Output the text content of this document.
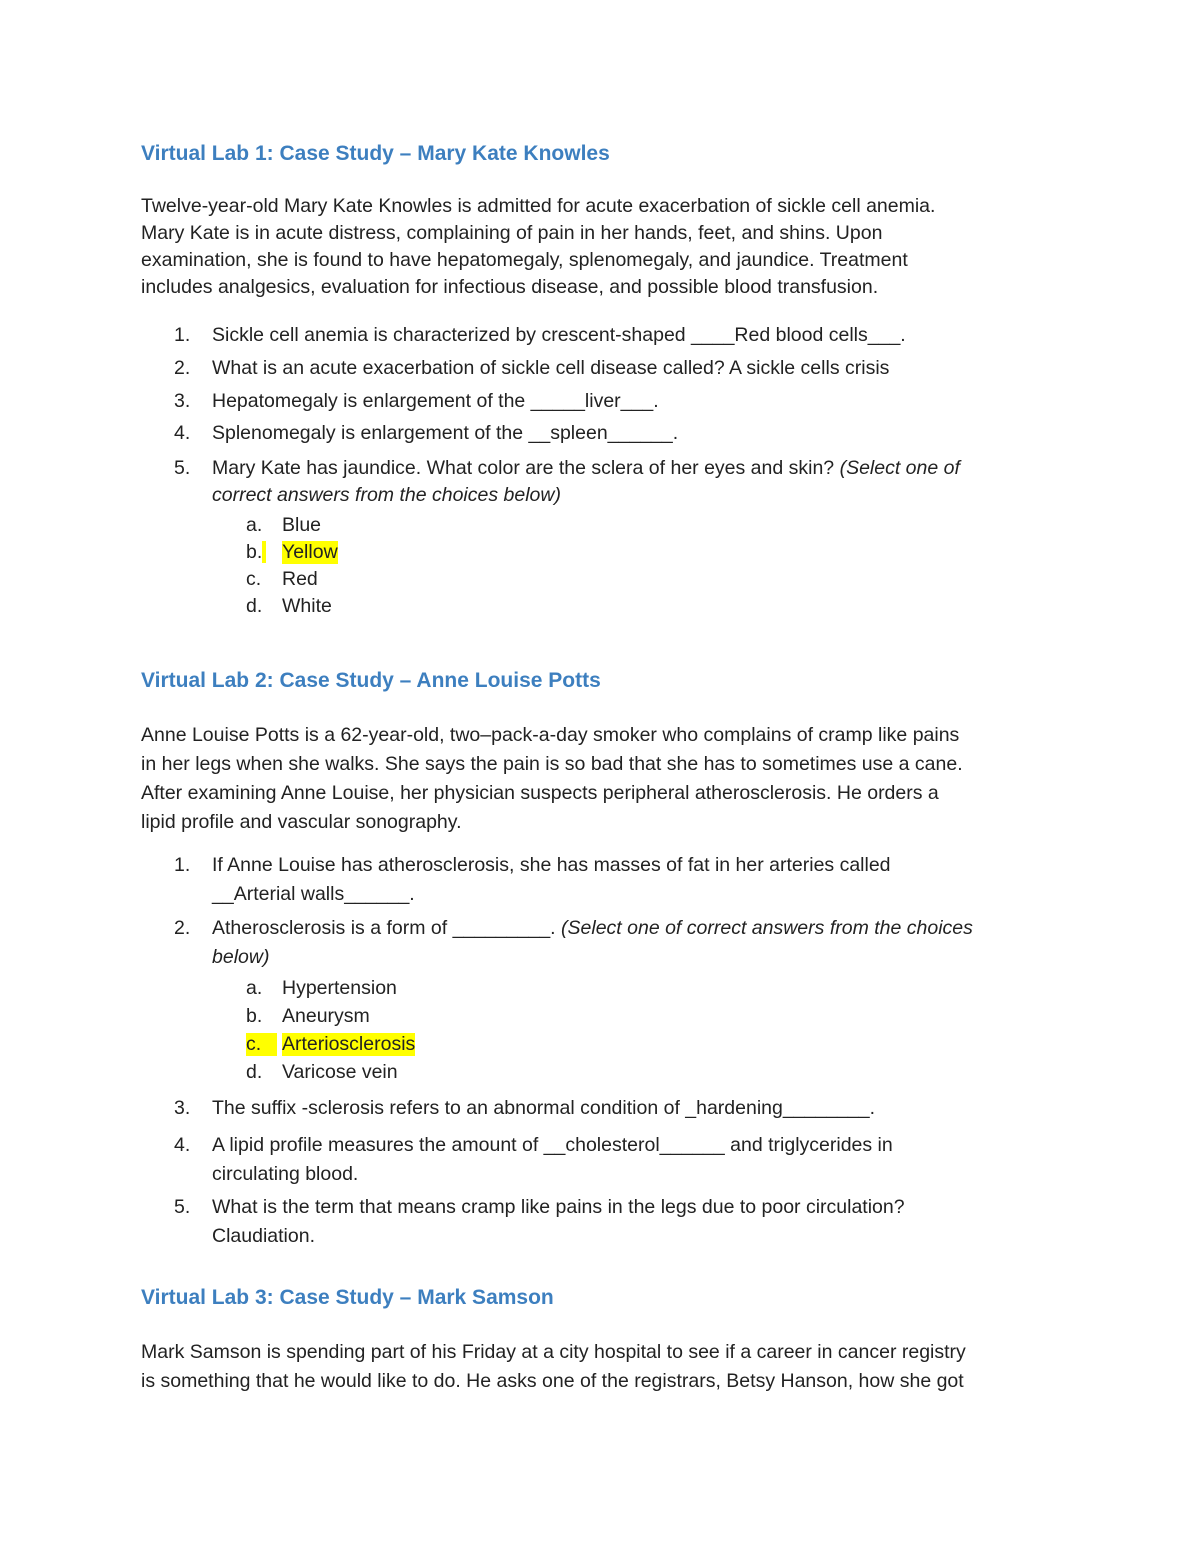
Virtual Lab 1: Case Study – Mary Kate Knowles
Twelve-year-old Mary Kate Knowles is admitted for acute exacerbation of sickle cell anemia.
Mary Kate is in acute distress, complaining of pain in her hands, feet, and shins. Upon
examination, she is found to have hepatomegaly, splenomegaly, and jaundice. Treatment
includes analgesics, evaluation for infectious disease, and possible blood transfusion.
1. Sickle cell anemia is characterized by crescent-shaped ____Red blood cells___.
2. What is an acute exacerbation of sickle cell disease called? A sickle cells crisis
3. Hepatomegaly is enlargement of the _____liver___.
4. Splenomegaly is enlargement of the __spleen______.
5. Mary Kate has jaundice. What color are the sclera of her eyes and skin? (Select one of
correct answers from the choices below)
a. Blue
b.  Yellow
c. Red
d. White
Virtual Lab 2: Case Study – Anne Louise Potts
Anne Louise Potts is a 62-year-old, two–pack-a-day smoker who complains of cramp like pains
in her legs when she walks. She says the pain is so bad that she has to sometimes use a cane.
After examining Anne Louise, her physician suspects peripheral atherosclerosis. He orders a
lipid profile and vascular sonography.
1. If Anne Louise has atherosclerosis, she has masses of fat in her arteries called
__Arterial walls______.
2. Atherosclerosis is a form of _________. (Select one of correct answers from the choices
below)
a. Hypertension
b. Aneurysm
c.	Arteriosclerosis
d. Varicose vein
3. The suffix -sclerosis refers to an abnormal condition of _hardening________.
4. A lipid profile measures the amount of __cholesterol______ and triglycerides in
circulating blood.
5. What is the term that means cramp like pains in the legs due to poor circulation?
Claudiation.
Virtual Lab 3: Case Study – Mark Samson
Mark Samson is spending part of his Friday at a city hospital to see if a career in cancer registry
is something that he would like to do. He asks one of the registrars, Betsy Hanson, how she got
